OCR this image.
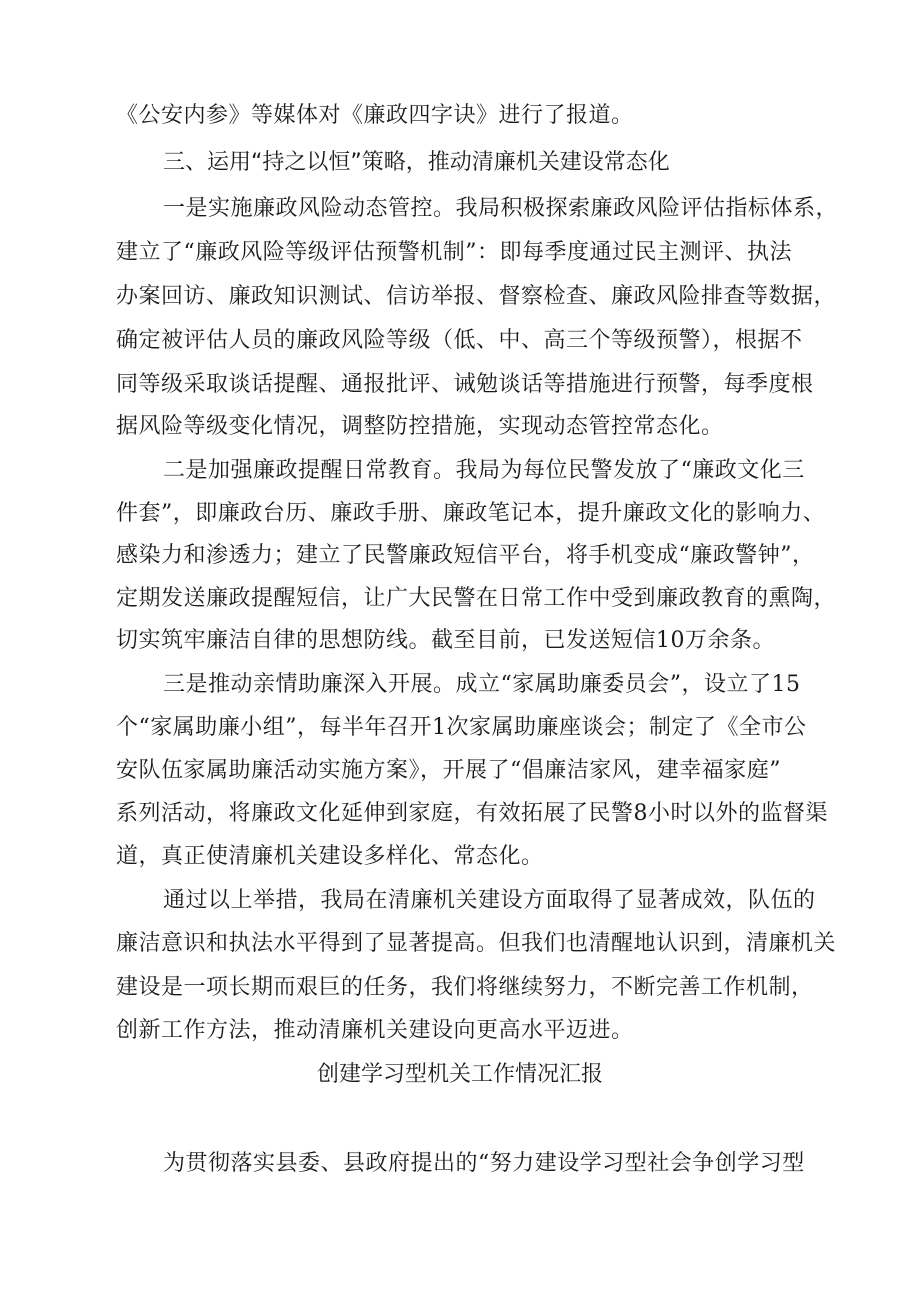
《公安内参》等媒体对《廉政四字诀》进行了报道。
三、运用“持之以恒”策略，推动清廉机关建设常态化
一是实施廉政风险动态管控。我局积极探索廉政风险评估指标体系，
建立了“廉政风险等级评估预警机制”：即每季度通过民主测评、执法
办案回访、廉政知识测试、信访举报、督察检查、廉政风险排查等数据，
确定被评估人员的廉政风险等级（低、中、高三个等级预警），根据不
同等级采取谈话提醒、通报批评、诫勉谈话等措施进行预警，每季度根
据风险等级变化情况，调整防控措施，实现动态管控常态化。
二是加强廉政提醒日常教育。我局为每位民警发放了“廉政文化三
件套”，即廉政台历、廉政手册、廉政笔记本，提升廉政文化的影响力、
感染力和渗透力；建立了民警廉政短信平台，将手机变成“廉政警钟”，
定期发送廉政提醒短信，让广大民警在日常工作中受到廉政教育的熏陶，
切实筑牢廉洁自律的思想防线。截至目前，已发送短信10万余条。
三是推动亲情助廉深入开展。成立“家属助廉委员会”，设立了15
个“家属助廉小组”，每半年召开1次家属助廉座谈会；制定了《全市公
安队伍家属助廉活动实施方案》，开展了“倡廉洁家风，建幸福家庭”
系列活动，将廉政文化延伸到家庭，有效拓展了民警8小时以外的监督渠
道，真正使清廉机关建设多样化、常态化。
通过以上举措，我局在清廉机关建设方面取得了显著成效，队伍的
廉洁意识和执法水平得到了显著提高。但我们也清醒地认识到，清廉机关
建设是一项长期而艰巨的任务，我们将继续努力，不断完善工作机制，
创新工作方法，推动清廉机关建设向更高水平迈进。
创建学习型机关工作情况汇报
为贯彻落实县委、县政府提出的“努力建设学习型社会争创学习型
